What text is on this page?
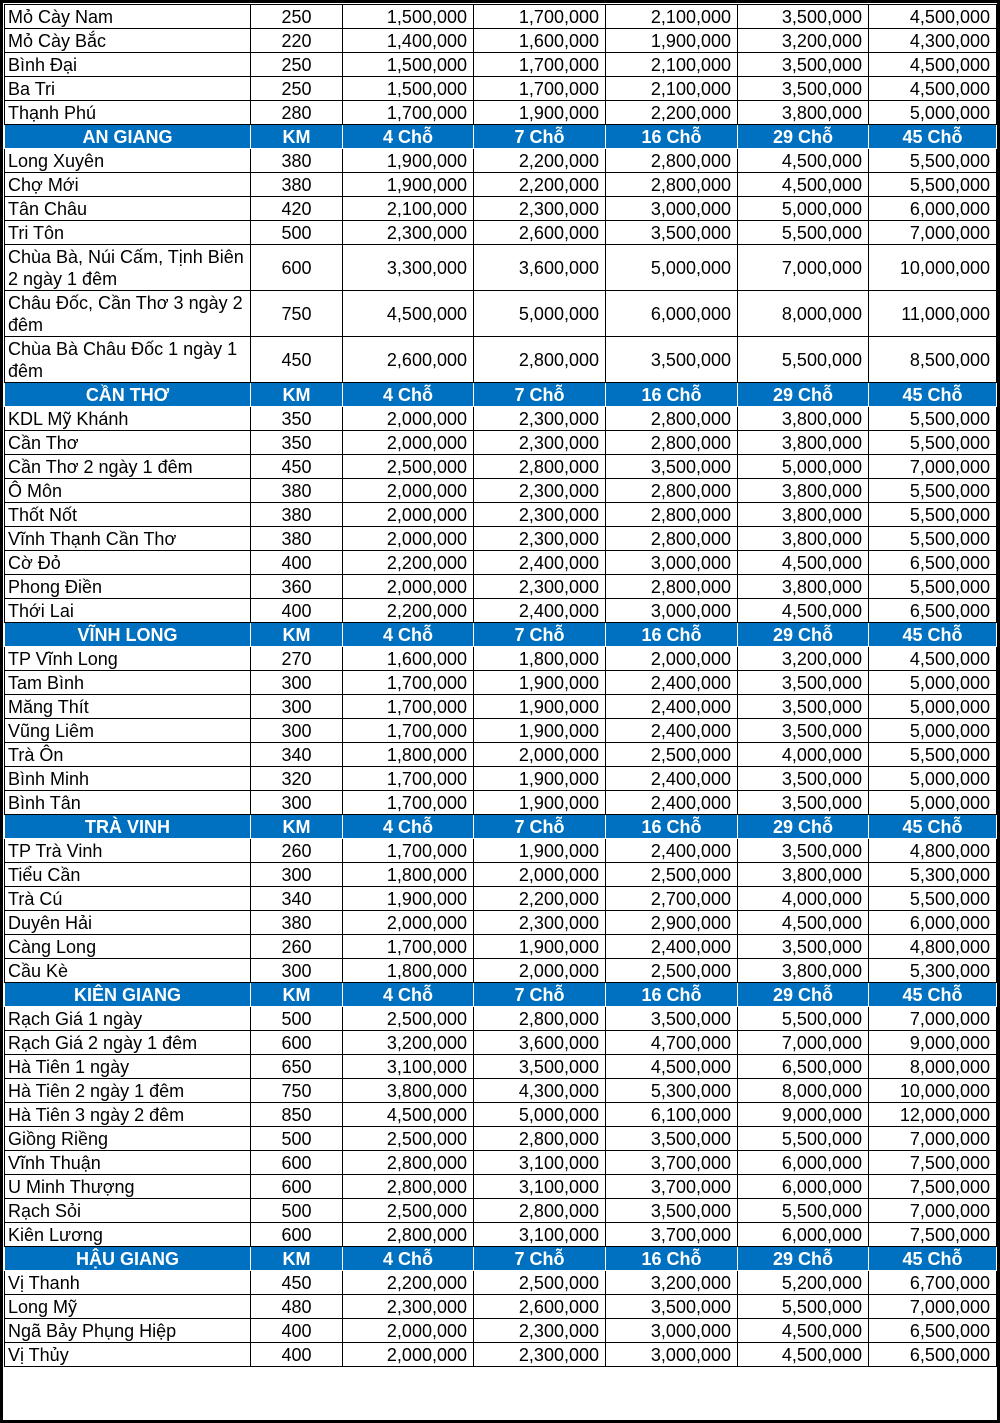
Mỏ Cày Nam	250	1,500,000	1,700,000	2,100,000	3,500,000	4,500,000
Mỏ Cày Bắc	220	1,400,000	1,600,000	1,900,000	3,200,000	4,300,000
Bình Đại	250	1,500,000	1,700,000	2,100,000	3,500,000	4,500,000
Ba Tri	250	1,500,000	1,700,000	2,100,000	3,500,000	4,500,000
Thạnh Phú	280	1,700,000	1,900,000	2,200,000	3,800,000	5,000,000
AN GIANG	KM	4 Chỗ	7 Chỗ	16 Chỗ	29 Chỗ	45 Chỗ
Long Xuyên	380	1,900,000	2,200,000	2,800,000	4,500,000	5,500,000
Chợ Mới	380	1,900,000	2,200,000	2,800,000	4,500,000	5,500,000
Tân Châu	420	2,100,000	2,300,000	3,000,000	5,000,000	6,000,000
Tri Tôn	500	2,300,000	2,600,000	3,500,000	5,500,000	7,000,000
Chùa Bà, Núi Cấm, Tịnh Biên 2 ngày 1 đêm	600	3,300,000	3,600,000	5,000,000	7,000,000	10,000,000
Châu Đốc, Cần Thơ 3 ngày 2 đêm	750	4,500,000	5,000,000	6,000,000	8,000,000	11,000,000
Chùa Bà Châu Đốc 1 ngày 1 đêm	450	2,600,000	2,800,000	3,500,000	5,500,000	8,500,000
CẦN THƠ	KM	4 Chỗ	7 Chỗ	16 Chỗ	29 Chỗ	45 Chỗ
KDL Mỹ Khánh	350	2,000,000	2,300,000	2,800,000	3,800,000	5,500,000
Cần Thơ	350	2,000,000	2,300,000	2,800,000	3,800,000	5,500,000
Cần Thơ 2 ngày 1 đêm	450	2,500,000	2,800,000	3,500,000	5,000,000	7,000,000
Ô Môn	380	2,000,000	2,300,000	2,800,000	3,800,000	5,500,000
Thốt Nốt	380	2,000,000	2,300,000	2,800,000	3,800,000	5,500,000
Vĩnh Thạnh Cần Thơ	380	2,000,000	2,300,000	2,800,000	3,800,000	5,500,000
Cờ Đỏ	400	2,200,000	2,400,000	3,000,000	4,500,000	6,500,000
Phong Điền	360	2,000,000	2,300,000	2,800,000	3,800,000	5,500,000
Thới Lai	400	2,200,000	2,400,000	3,000,000	4,500,000	6,500,000
VĨNH LONG	KM	4 Chỗ	7 Chỗ	16 Chỗ	29 Chỗ	45 Chỗ
TP Vĩnh Long	270	1,600,000	1,800,000	2,000,000	3,200,000	4,500,000
Tam Bình	300	1,700,000	1,900,000	2,400,000	3,500,000	5,000,000
Măng Thít	300	1,700,000	1,900,000	2,400,000	3,500,000	5,000,000
Vũng Liêm	300	1,700,000	1,900,000	2,400,000	3,500,000	5,000,000
Trà Ôn	340	1,800,000	2,000,000	2,500,000	4,000,000	5,500,000
Bình Minh	320	1,700,000	1,900,000	2,400,000	3,500,000	5,000,000
Bình Tân	300	1,700,000	1,900,000	2,400,000	3,500,000	5,000,000
TRÀ VINH	KM	4 Chỗ	7 Chỗ	16 Chỗ	29 Chỗ	45 Chỗ
TP Trà Vinh	260	1,700,000	1,900,000	2,400,000	3,500,000	4,800,000
Tiểu Cần	300	1,800,000	2,000,000	2,500,000	3,800,000	5,300,000
Trà Cú	340	1,900,000	2,200,000	2,700,000	4,000,000	5,500,000
Duyên Hải	380	2,000,000	2,300,000	2,900,000	4,500,000	6,000,000
Càng Long	260	1,700,000	1,900,000	2,400,000	3,500,000	4,800,000
Cầu Kè	300	1,800,000	2,000,000	2,500,000	3,800,000	5,300,000
KIÊN GIANG	KM	4 Chỗ	7 Chỗ	16 Chỗ	29 Chỗ	45 Chỗ
Rạch Giá 1 ngày	500	2,500,000	2,800,000	3,500,000	5,500,000	7,000,000
Rạch Giá 2 ngày 1 đêm	600	3,200,000	3,600,000	4,700,000	7,000,000	9,000,000
Hà Tiên 1 ngày	650	3,100,000	3,500,000	4,500,000	6,500,000	8,000,000
Hà Tiên 2 ngày 1 đêm	750	3,800,000	4,300,000	5,300,000	8,000,000	10,000,000
Hà Tiên 3 ngày 2 đêm	850	4,500,000	5,000,000	6,100,000	9,000,000	12,000,000
Giồng Riềng	500	2,500,000	2,800,000	3,500,000	5,500,000	7,000,000
Vĩnh Thuận	600	2,800,000	3,100,000	3,700,000	6,000,000	7,500,000
U Minh Thượng	600	2,800,000	3,100,000	3,700,000	6,000,000	7,500,000
Rạch Sỏi	500	2,500,000	2,800,000	3,500,000	5,500,000	7,000,000
Kiên Lương	600	2,800,000	3,100,000	3,700,000	6,000,000	7,500,000
HẬU GIANG	KM	4 Chỗ	7 Chỗ	16 Chỗ	29 Chỗ	45 Chỗ
Vị Thanh	450	2,200,000	2,500,000	3,200,000	5,200,000	6,700,000
Long Mỹ	480	2,300,000	2,600,000	3,500,000	5,500,000	7,000,000
Ngã Bảy Phụng Hiệp	400	2,000,000	2,300,000	3,000,000	4,500,000	6,500,000
Vị Thủy	400	2,000,000	2,300,000	3,000,000	4,500,000	6,500,000
